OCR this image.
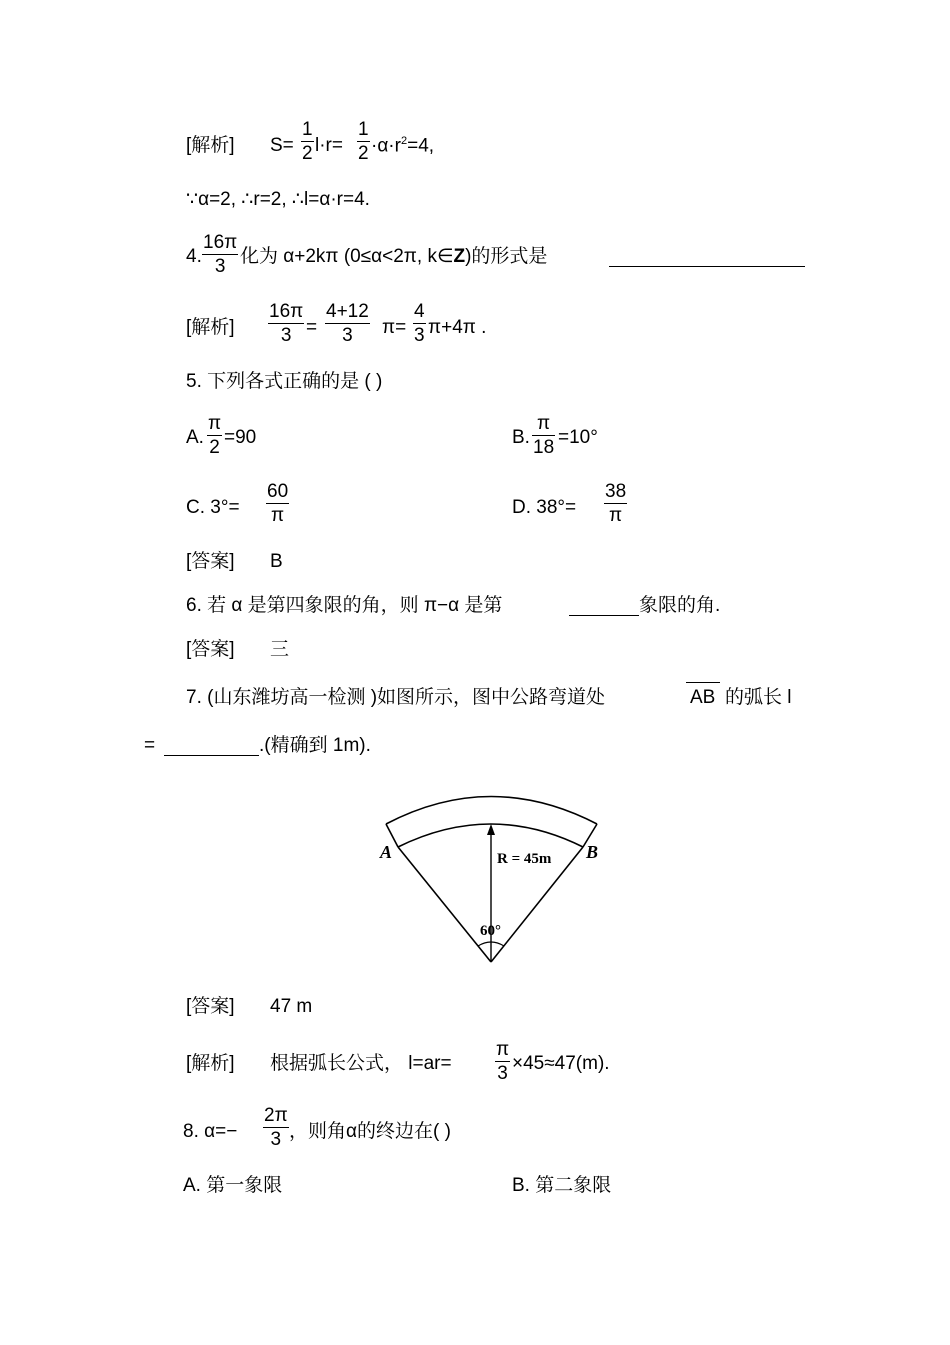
[解析] S=
1
2 l·r=
1
$2 \cdot\alpha\cdot r^2=4$,
∵α=2, ∴r=2, ∴l=α·r=4.
4.
16π
3 化为 α+2kπ (0≤α<2π, k∈Z)的形式是
[解析]
16π
3 =
4+12
3	π=
4
3 π+4π .
5. 下列各式正确的是 ( )
A.
π
2 =90	B.
π
18 =10°
C. 3°=
60
π	D. 38°=
38
π
[答案] B
6. 若 α 是第四象限的角，则 π−α 是第	象限的角.
[答案] 三
7. (山东潍坊高一检测 )如图所示，图中公路弯道处	AB 的弧长 l
=	.(精确到 1m).
A	B
R = 45m
60°
[答案] 47 m
[解析] 根据弧长公式， l=ar=
π
3 ×45≈47(m).
8. α=−
2π
3 ，则角α的终边在( )
A. 第一象限	B. 第二象限
